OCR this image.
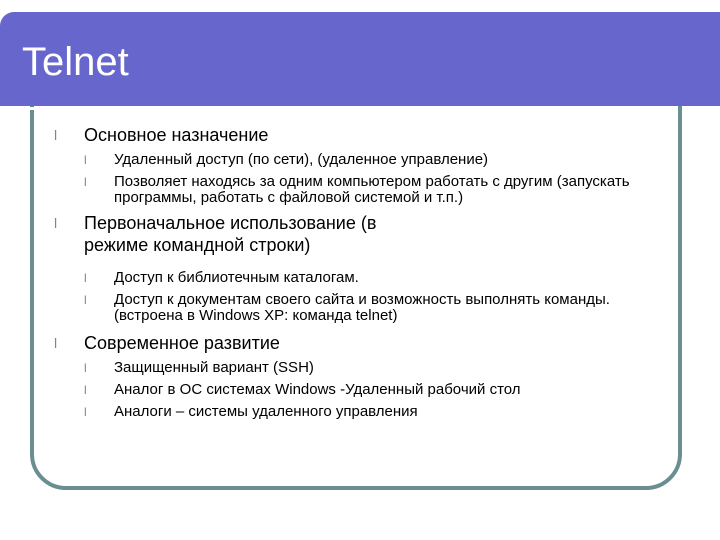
Telnet
l Основное назначение
l Удаленный доступ (по сети), (удаленное управление)
l Позволяет находясь за одним компьютером работать с другим (запускать программы, работать с файловой системой и т.п.)
l Первоначальное использование (в режиме командной строки)
l Доступ к библиотечным каталогам.
l Доступ к документам своего сайта и возможность выполнять команды. (встроена в Windows XP: команда telnet)
l Современное развитие
l Защищенный вариант (SSH)
l Аналог в ОС системах Windows -Удаленный рабочий стол
l Аналоги – системы удаленного управления
